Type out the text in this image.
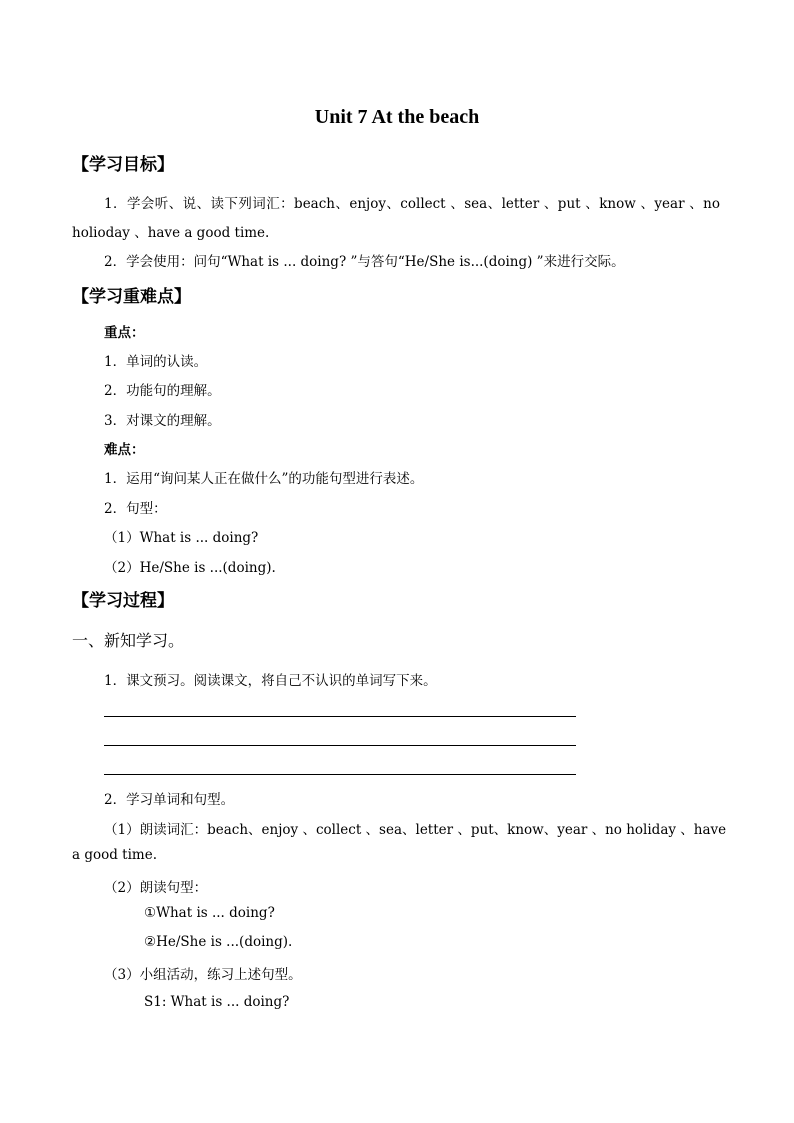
Unit 7 At the beach
【学习目标】
1．学会听、说、读下列词汇：beach、enjoy、collect 、sea、letter 、put 、know 、year 、no
holioday 、have a good time.
2．学会使用：问句“What is ... doing? ”与答句“He/She is...(doing) ”来进行交际。
【学习重难点】
重点：
1．单词的认读。
2．功能句的理解。
3．对课文的理解。
难点：
1．运用“询问某人正在做什么”的功能句型进行表述。
2．句型：
（1）What is ... doing?
（2）He/She is ...(doing).
【学习过程】
一、新知学习。
1．课文预习。阅读课文，将自己不认识的单词写下来。
2．学习单词和句型。
（1）朗读词汇：beach、enjoy 、collect 、sea、letter 、put、know、year 、no holiday 、have
a good time.
（2）朗读句型：
①What is ... doing?
②He/She is ...(doing).
（3）小组活动，练习上述句型。
S1: What is ... doing?
